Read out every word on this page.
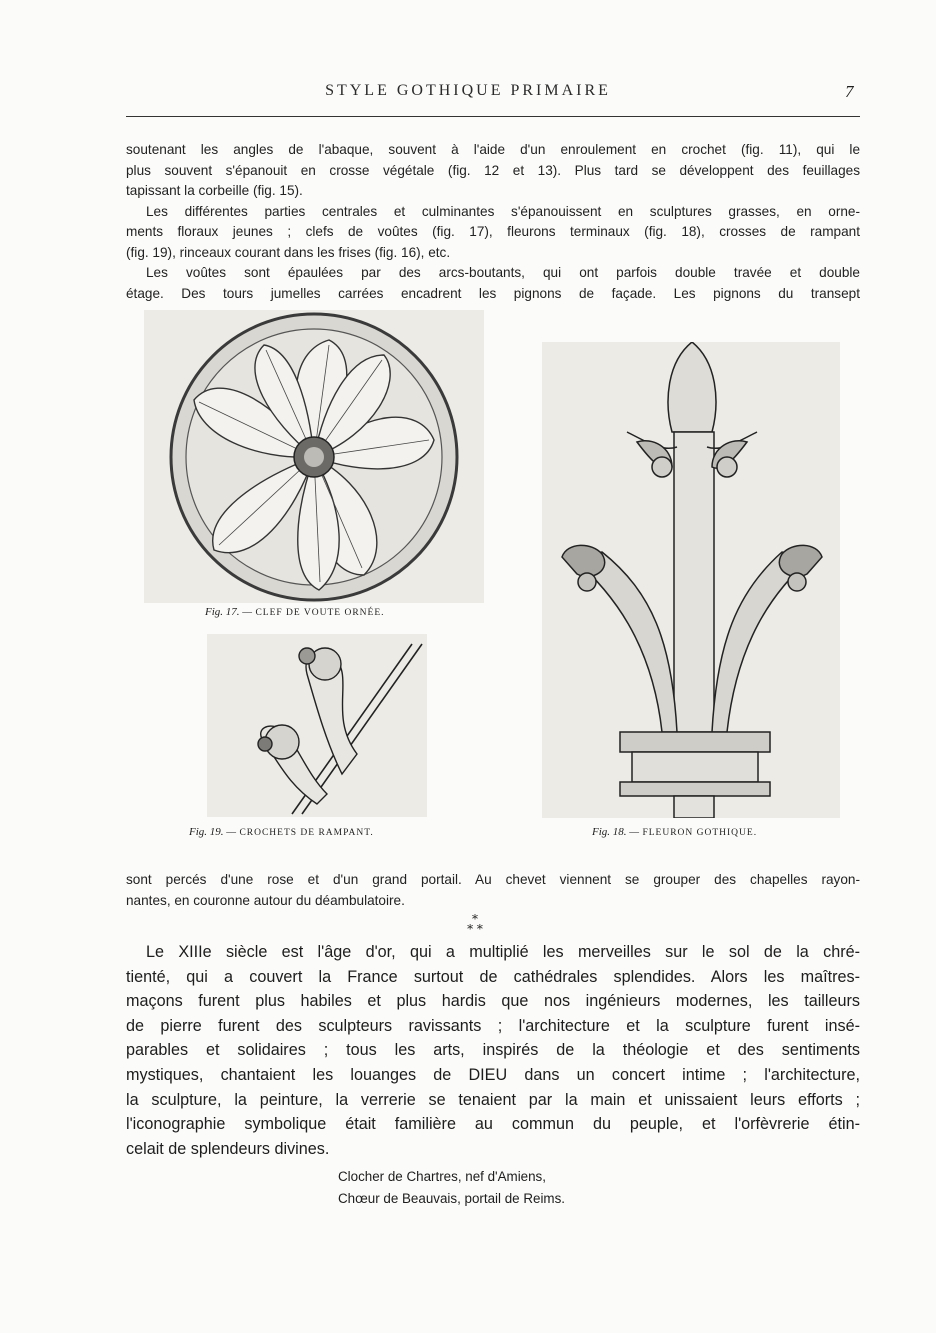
STYLE GOTHIQUE PRIMAIRE	7
soutenant les angles de l'abaque, souvent à l'aide d'un enroulement en crochet (fig. 11), qui le
plus souvent s'épanouit en crosse végétale (fig. 12 et 13). Plus tard se développent des feuillages
tapissant la corbeille (fig. 15).
Les différentes parties centrales et culminantes s'épanouissent en sculptures grasses, en orne-
ments floraux jeunes ; clefs de voûtes (fig. 17), fleurons terminaux (fig. 18), crosses de rampant
(fig. 19), rinceaux courant dans les frises (fig. 16), etc.
Les voûtes sont épaulées par des arcs-boutants, qui ont parfois double travée et double
étage. Des tours jumelles carrées encadrent les pignons de façade. Les pignons du transept
Fig. 17. — CLEF DE VOUTE ORNÉE.
Fig. 19. — CROCHETS DE RAMPANT.	Fig. 18. — FLEURON GOTHIQUE.
sont percés d'une rose et d'un grand portail. Au chevet viennent se grouper des chapelles rayon-
nantes, en couronne autour du déambulatoire.
*
* *
Le XIIIe siècle est l'âge d'or, qui a multiplié les merveilles sur le sol de la chré-
tienté, qui a couvert la France surtout de cathédrales splendides. Alors les maîtres-
maçons furent plus habiles et plus hardis que nos ingénieurs modernes, les tailleurs
de pierre furent des sculpteurs ravissants ; l'architecture et la sculpture furent insé-
parables et solidaires ; tous les arts, inspirés de la théologie et des sentiments
mystiques, chantaient les louanges de DIEU dans un concert intime ; l'architecture,
la sculpture, la peinture, la verrerie se tenaient par la main et unissaient leurs efforts ;
l'iconographie symbolique était familière au commun du peuple, et l'orfèvrerie étin-
celait de splendeurs divines.
Clocher de Chartres, nef d'Amiens,
Chœur de Beauvais, portail de Reims.
